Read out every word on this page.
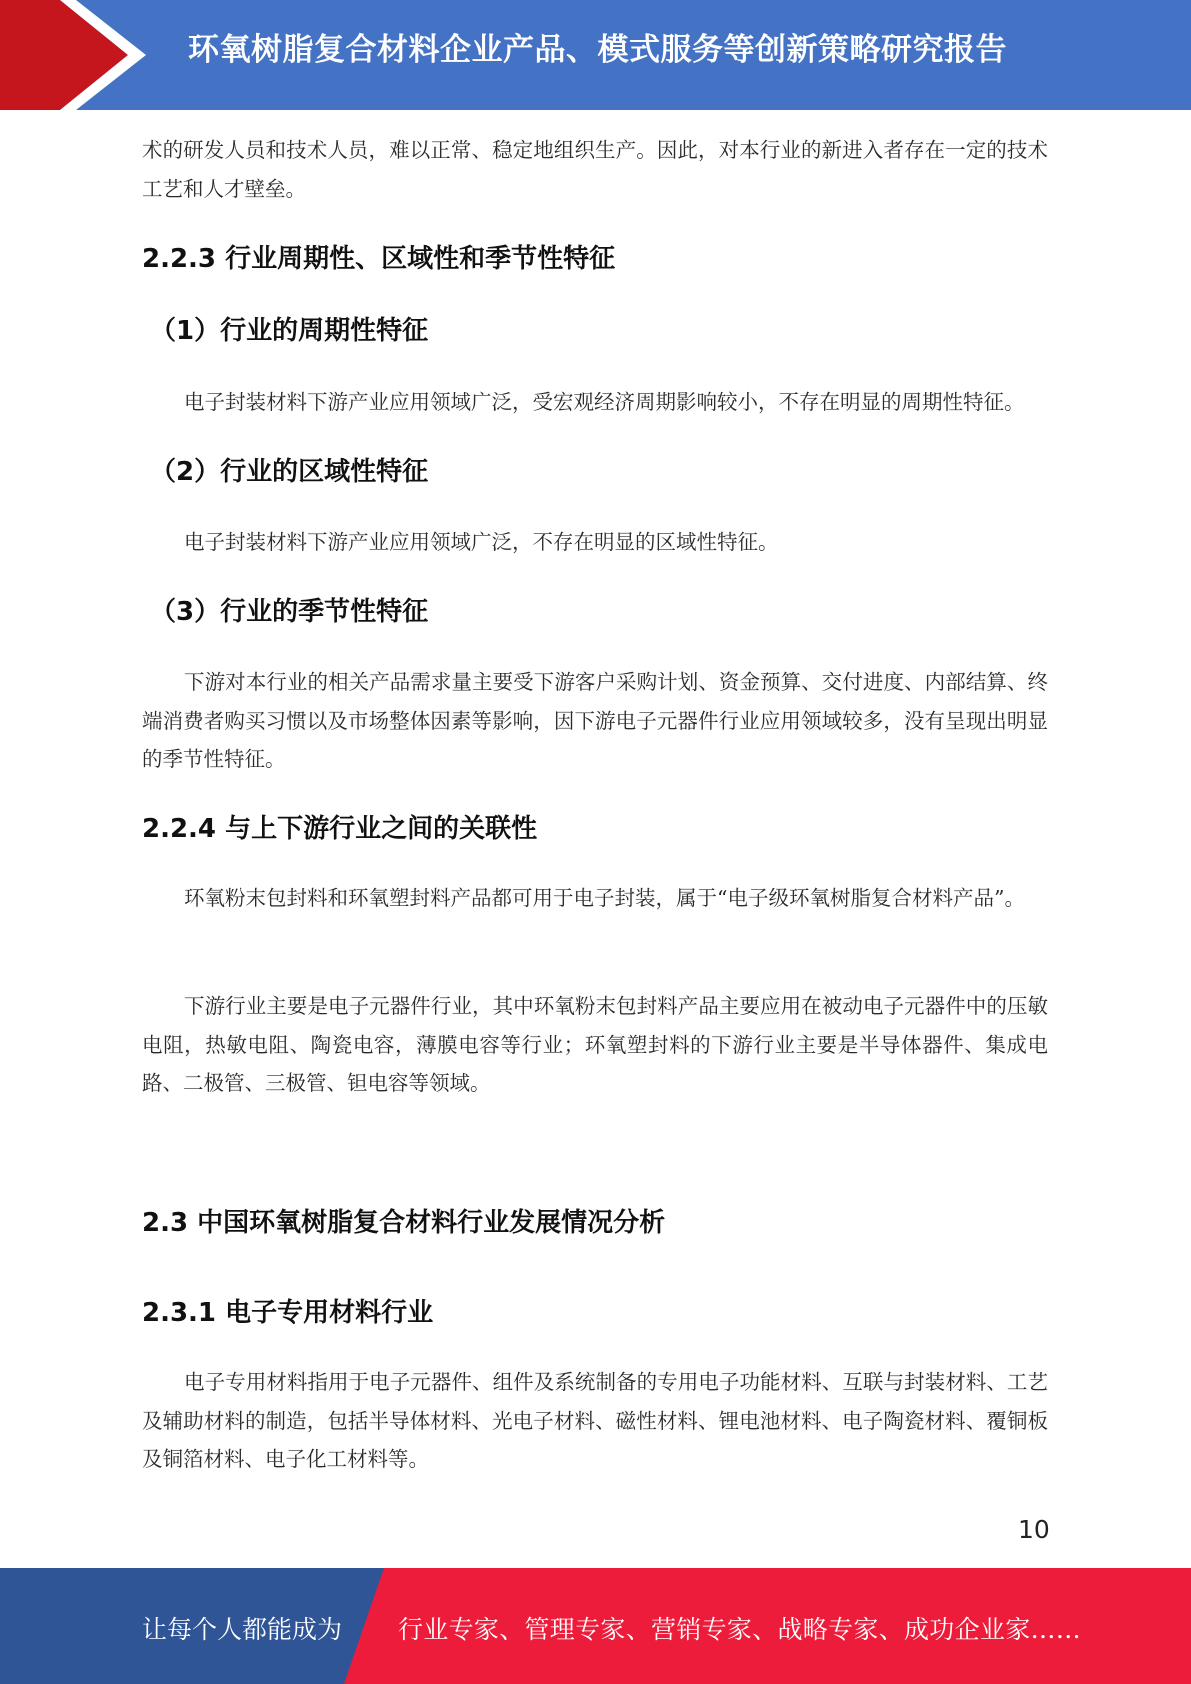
环氧树脂复合材料企业产品、模式服务等创新策略研究报告

术的研发人员和技术人员，难以正常、稳定地组织生产。因此，对本行业的新进入者存在一定的技术工艺和人才壁垒。

2.2.3 行业周期性、区域性和季节性特征
（1）行业的周期性特征

电子封装材料下游产业应用领域广泛，受宏观经济周期影响较小，不存在明显的周期性特征。

（2）行业的区域性特征

电子封装材料下游产业应用领域广泛，不存在明显的区域性特征。

（3）行业的季节性特征

下游对本行业的相关产品需求量主要受下游客户采购计划、资金预算、交付进度、内部结算、终端消费者购买习惯以及市场整体因素等影响，因下游电子元器件行业应用领域较多，没有呈现出明显的季节性特征。

2.2.4 与上下游行业之间的关联性

环氧粉末包封料和环氧塑封料产品都可用于电子封装，属于“电子级环氧树脂复合材料产品”。

下游行业主要是电子元器件行业，其中环氧粉末包封料产品主要应用在被动电子元器件中的压敏电阻，热敏电阻、陶瓷电容，薄膜电容等行业；环氧塑封料的下游行业主要是半导体器件、集成电路、二极管、三极管、钽电容等领域。

2.3 中国环氧树脂复合材料行业发展情况分析
2.3.1 电子专用材料行业

电子专用材料指用于电子元器件、组件及系统制备的专用电子功能材料、互联与封装材料、工艺及辅助材料的制造，包括半导体材料、光电子材料、磁性材料、锂电池材料、电子陶瓷材料、覆铜板及铜箔材料、电子化工材料等。

10
让每个人都能成为 行业专家、管理专家、营销专家、战略专家、成功企业家……
